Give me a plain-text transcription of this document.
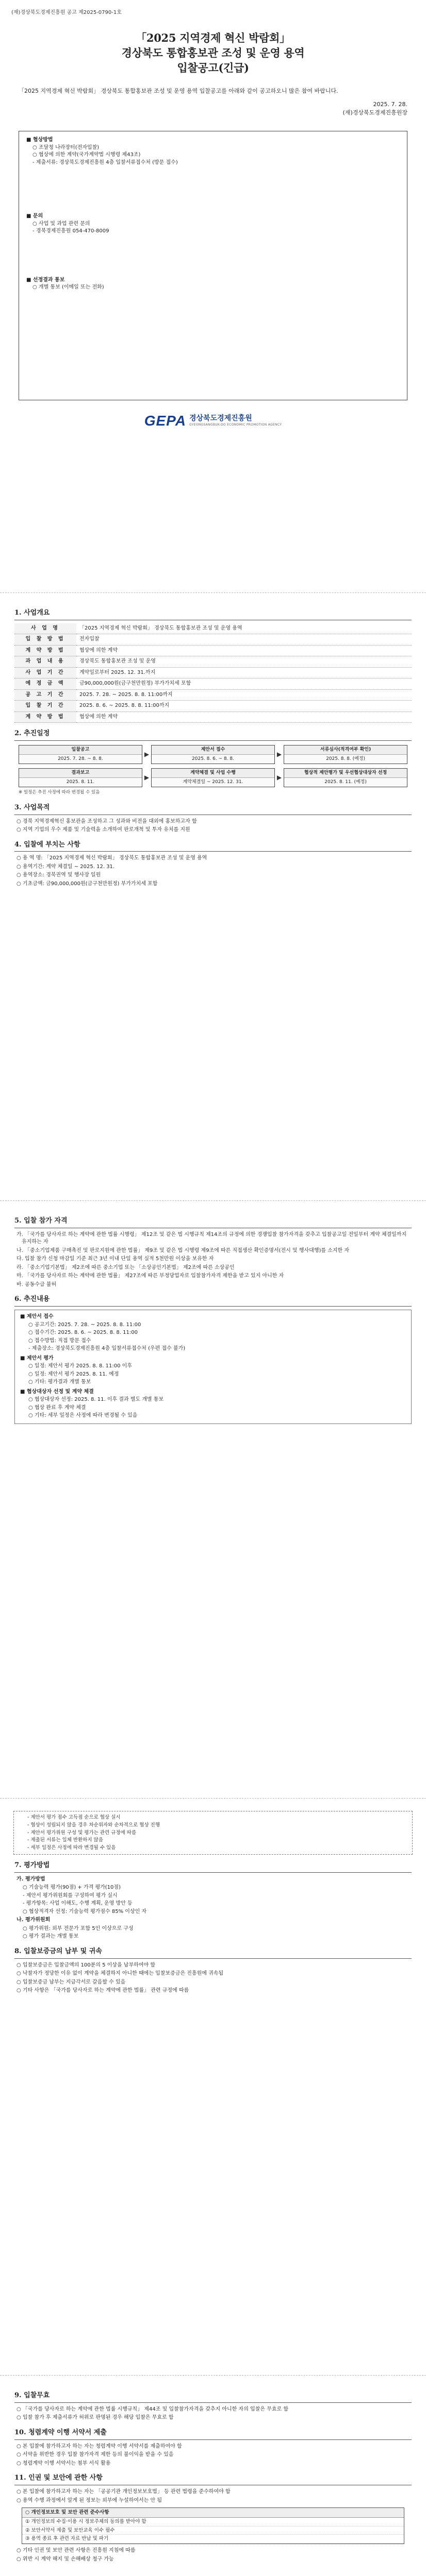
(재)경상북도경제진흥원 공고 제2025-0790-1호
「2025 지역경제 혁신 박람회」
경상북도 통합홍보관 조성 및 운영 용역
입찰공고(긴급)
「2025 지역경제 혁신 박람회」 경상북도 통합홍보관 조성 및 운영 용역 입찰공고를 아래와 같이 공고하오니 많은 참여 바랍니다.
2025. 7. 28.
(재)경상북도경제진흥원장
■ 협상방법
○ 조달청 나라장터(전자입찰)
○ 협상에 의한 계약(국가계약법 시행령 제43조)
- 제출서류: 경상북도경제진흥원 4층 입찰서류접수처 (방문 접수)
■ 문의
○ 사업 및 과업 관련 문의
- 경북경제진흥원 054-470-8009
■ 선정결과 통보
○ 개별 통보 (이메일 또는 전화)
GEPA 경상북도경제진흥원
GYEONGSANGBUK-DO ECONOMIC PROMOTION AGENCY
1. 사업개요
사 업 명	「2025 지역경제 혁신 박람회」 경상북도 통합홍보관 조성 및 운영 용역
입 찰 방 법	전자입찰
계 약 방 법	협상에 의한 계약
과 업 내 용	경상북도 통합홍보관 조성 및 운영
사 업 기 간	계약일로부터 2025. 12. 31.까지
예 정 금 액	금90,000,000원(금구천만원정) 부가가치세 포함
공 고 기 간	2025. 7. 28. ~ 2025. 8. 8. 11:00까지
입 찰 기 간	2025. 8. 6. ~ 2025. 8. 8. 11:00까지
계 약 방 법	협상에 의한 계약
2. 추진일정
입찰공고
2025. 7. 28. ~ 8. 8.
▶
제안서 접수
2025. 8. 6. ~ 8. 8.
▶
서류심사(적격여부 확인)
2025. 8. 8. (예정)
결과보고
2025. 8. 11.
▶
계약체결 및 사업 수행
계약체결일 ~ 2025. 12. 31.
▶
협상적 제안평가 및 우선협상대상자 선정
2025. 8. 11. (예정)
※ 일정은 추진 사정에 따라 변경될 수 있음
3. 사업목적
○ 경북 지역경제혁신 홍보관을 조성하고 그 성과와 비전을 대외에 홍보하고자 함
○ 지역 기업의 우수 제품 및 기술력을 소개하여 판로개척 및 투자 유치를 지원
4. 입찰에 부치는 사항
○ 용 역 명: 「2025 지역경제 혁신 박람회」 경상북도 통합홍보관 조성 및 운영 용역
○ 용역기간: 계약 체결일 ~ 2025. 12. 31.
○ 용역장소: 경북권역 및 행사장 일원
○ 기초금액: 금90,000,000원(금구천만원정) 부가가치세 포함
5. 입찰 참가 자격
가. 「국가를 당사자로 하는 계약에 관한 법률 시행령」 제12조 및 같은 법 시행규칙 제14조의 규정에 의한 경쟁입찰 참가자격을 갖추고 입찰공고일 전일부터 계약 체결일까지 유지하는 자
나. 「중소기업제품 구매촉진 및 판로지원에 관한 법률」 제9조 및 같은 법 시행령 제9조에 따른 직접생산 확인증명서(전시 및 행사대행)를 소지한 자
다. 입찰 참가 신청 마감일 기준 최근 3년 이내 단일 용역 실적 5천만원 이상을 보유한 자
라. 「중소기업기본법」 제2조에 따른 중소기업 또는 「소상공인기본법」 제2조에 따른 소상공인
마. 「국가를 당사자로 하는 계약에 관한 법률」 제27조에 따른 부정당업자로 입찰참가자격 제한을 받고 있지 아니한 자
바. 공동수급 불허
6. 추진내용
■ 제안서 접수
○ 공고기간: 2025. 7. 28. ~ 2025. 8. 8. 11:00
○ 접수기간: 2025. 8. 6. ~ 2025. 8. 8. 11:00
○ 접수방법: 직접 방문 접수
- 제출장소: 경상북도경제진흥원 4층 입찰서류접수처 (우편 접수 불가)
■ 제안서 평가
○ 일정: 제안서 평가 2025. 8. 8. 11:00 이후
○ 일정: 제안서 평가 2025. 8. 11. 예정
○ 기타: 평가결과 개별 통보
■ 협상대상자 선정 및 계약 체결
○ 협상대상자 선정: 2025. 8. 11. 이후 결과 별도 개별 통보
○ 협상 완료 후 계약 체결
○ 기타: 세부 일정은 사정에 따라 변경될 수 있음
- 제안서 평가 점수 고득점 순으로 협상 실시
- 협상이 성립되지 않을 경우 차순위자와 순차적으로 협상 진행
- 제안서 평가위원 구성 및 평가는 관련 규정에 따름
- 제출된 서류는 일체 반환하지 않음
- 세부 일정은 사정에 따라 변경될 수 있음
7. 평가방법
가. 평가방법
○ 기술능력 평가(90점) + 가격 평가(10점)
- 제안서 평가위원회를 구성하여 평가 실시
- 평가항목: 사업 이해도, 수행 계획, 운영 방안 등
○ 협상적격자 선정: 기술능력 평가점수 85% 이상인 자
나. 평가위원회
○ 평가위원: 외부 전문가 포함 5인 이상으로 구성
○ 평가 결과는 개별 통보
8. 입찰보증금의 납부 및 귀속
○ 입찰보증금은 입찰금액의 100분의 5 이상을 납부하여야 함
○ 낙찰자가 정당한 이유 없이 계약을 체결하지 아니한 때에는 입찰보증금은 진흥원에 귀속됨
○ 입찰보증금 납부는 지급각서로 갈음할 수 있음
○ 기타 사항은 「국가를 당사자로 하는 계약에 관한 법률」 관련 규정에 따름
9. 입찰무효
○ 「국가를 당사자로 하는 계약에 관한 법률 시행규칙」 제44조 및 입찰참가자격을 갖추지 아니한 자의 입찰은 무효로 함
○ 입찰 참가 후 제출서류가 허위로 판명된 경우 해당 입찰은 무효로 함
10. 청렴계약 이행 서약서 제출
○ 본 입찰에 참가하고자 하는 자는 청렴계약 이행 서약서를 제출하여야 함
○ 서약을 위반한 경우 입찰 참가자격 제한 등의 불이익을 받을 수 있음
○ 청렴계약 이행 서약서는 첨부 서식 활용
11. 인권 및 보안에 관한 사항
○ 본 입찰에 참가하고자 하는 자는 「공공기관 개인정보보호법」 등 관련 법령을 준수하여야 함
○ 용역 수행 과정에서 알게 된 정보는 외부에 누설하여서는 안 됨
○ 개인정보보호 및 보안 관련 준수사항
① 개인정보의 수집·이용 시 정보주체의 동의를 받아야 함
② 보안서약서 제출 및 보안교육 이수 필수
③ 용역 종료 후 관련 자료 반납 및 파기
○ 기타 인권 및 보안 관련 사항은 진흥원 지침에 따름
○ 위반 시 계약 해지 및 손해배상 청구 가능
